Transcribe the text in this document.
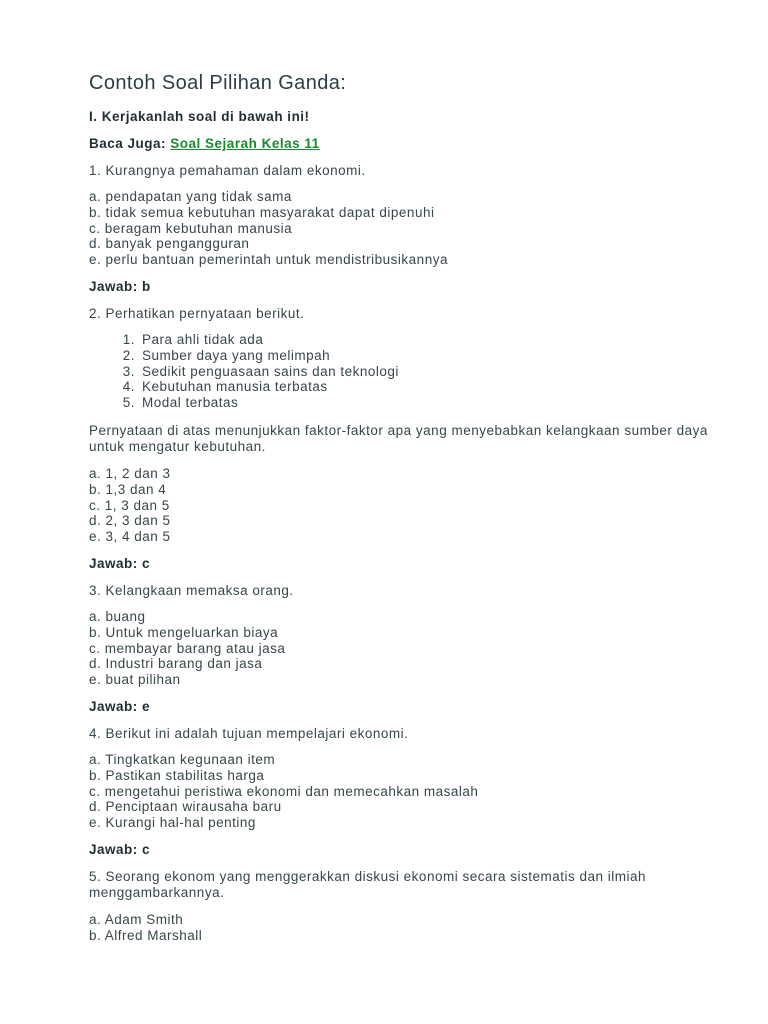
Contoh Soal Pilihan Ganda:
I. Kerjakanlah soal di bawah ini!
Baca Juga: Soal Sejarah Kelas 11
1. Kurangnya pemahaman dalam ekonomi.
a. pendapatan yang tidak sama
b. tidak semua kebutuhan masyarakat dapat dipenuhi
c. beragam kebutuhan manusia
d. banyak pengangguran
e. perlu bantuan pemerintah untuk mendistribusikannya
Jawab: b
2. Perhatikan pernyataan berikut.
1 . Para ahli tidak ada
2 . Sumber daya yang melimpah
3 . Sedikit penguasaan sains dan teknologi
4 . Kebutuhan manusia terbatas
5 . Modal terbatas
Pernyataan di atas menunjukkan faktor-faktor apa yang menyebabkan kelangkaan sumber daya untuk mengatur kebutuhan.
a. 1, 2 dan 3
b. 1,3 dan 4
c. 1, 3 dan 5
d. 2, 3 dan 5
e. 3, 4 dan 5
Jawab: c
3. Kelangkaan memaksa orang.
a. buang
b. Untuk mengeluarkan biaya
c. membayar barang atau jasa
d. Industri barang dan jasa
e. buat pilihan
Jawab: e
4. Berikut ini adalah tujuan mempelajari ekonomi.
a. Tingkatkan kegunaan item
b. Pastikan stabilitas harga
c. mengetahui peristiwa ekonomi dan memecahkan masalah
d. Penciptaan wirausaha baru
e. Kurangi hal-hal penting
Jawab: c
5. Seorang ekonom yang menggerakkan diskusi ekonomi secara sistematis dan ilmiah menggambarkannya.
a. Adam Smith
b. Alfred Marshall
